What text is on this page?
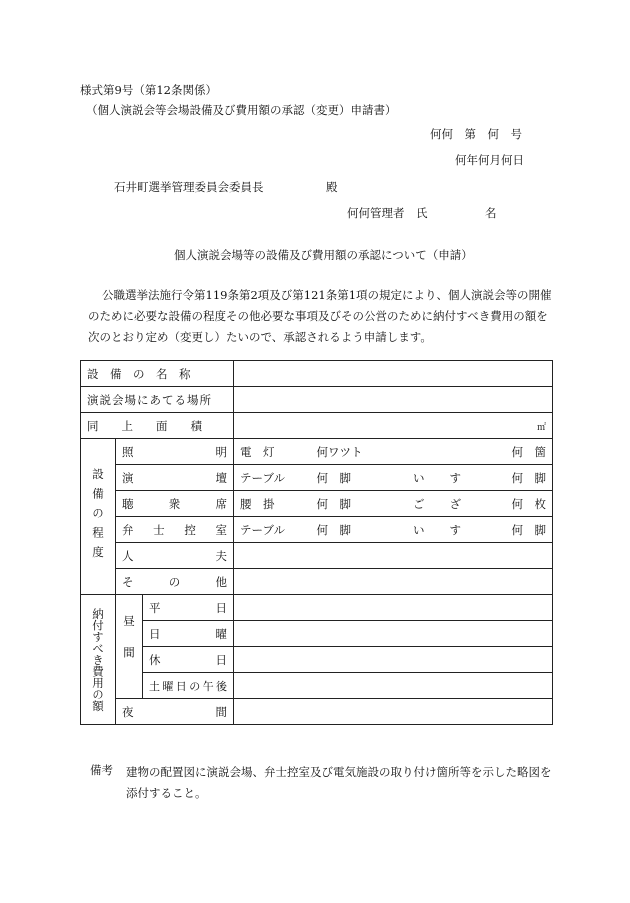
様式第9号（第12条関係）
（個人演説会等会場設備及び費用額の承認（変更）申請書）
何何　第　何　号
何年何月何日
石井町選挙管理委員会委員長	殿
何何管理者　氏　　　　　名
個人演説会場等の設備及び費用額の承認について（申請）
公職選挙法施行令第119条第2項及び第121条第1項の規定により、個人演説会等の開催のために必要な設備の程度その他必要な事項及びその公営のために納付すべき費用の額を次のとおり定め（変更し）たいので、承認されるよう申請します。
設　備　の　名　称			
演説会場にあてる場所			
同　　上　　面　　積			㎡
設備の程度	照　　明		電　灯 何ワツト 何　箇

	演　　壇		テーブル 何　脚 い す 何　脚

	聴　衆　席		腰　掛 何　脚 ご ざ 何　枚

	弁　士　控　室		テーブル 何　脚 い す 何　脚

	人　　夫		
	そ　の　他		
納付すべき費用の額	昼間	平　日	
		日　曜	
		休　日	
		土曜日の午後	
	夜　　間		
備考 建物の配置図に演説会場、弁士控室及び電気施設の取り付け箇所等を示した略図を添付すること。
